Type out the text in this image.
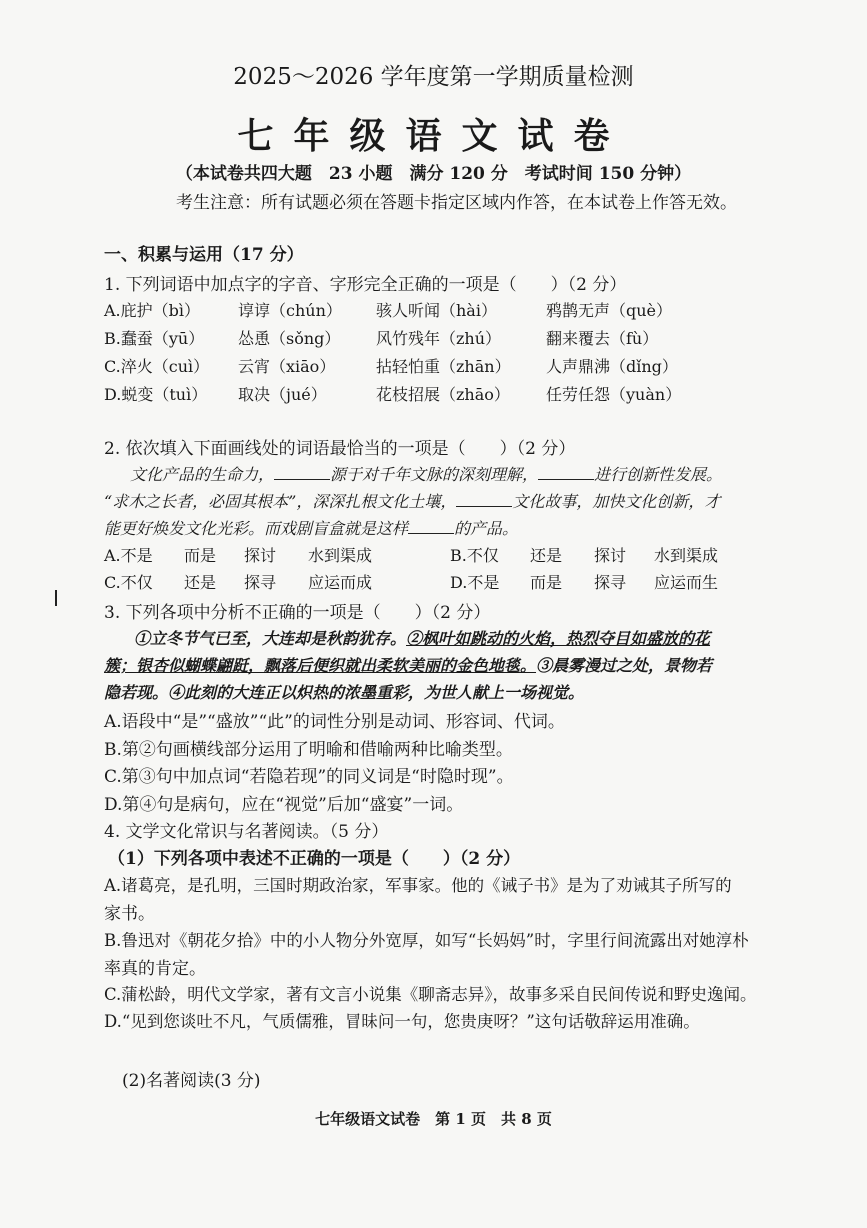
2025～2026 学年度第一学期质量检测
七年级语文试卷
（本试卷共四大题　23 小题　满分 120 分　考试时间 150 分钟）
考生注意：所有试题必须在答题卡指定区域内作答，在本试卷上作答无效。
一、积累与运用（17 分）
1. 下列词语中加点字的字音、字形完全正确的一项是（　　）（2 分）
A.庇护（bì） 谆谆（chún） 骇人听闻（hài）	鸦鹊无声（què）
B.蠢蚕（yū） 怂恿（sǒng） 风竹残年（zhú）	翻来覆去（fù）
C.淬火（cuì） 云宵（xiāo）	拈轻怕重（zhān） 人声鼎沸（dǐng）
D.蜕变（tuì） 取决（jué）	花枝招展（zhāo） 任劳任怨（yuàn）
2. 依次填入下面画线处的词语最恰当的一项是（　　）（2 分）
文化产品的生命力，	源于对千年文脉的深刻理解，	进行创新性发展。
“求木之长者，必固其根本”，深深扎根文化土壤，	文化故事，加快文化创新，才
能更好焕发文化光彩。而戏剧盲盒就是这样	的产品。
A.不是 而是 探讨 水到渠成	B.不仅 还是 探讨 水到渠成
C.不仅 还是 探寻 应运而成	D.不是 而是 探寻 应运而生
3. 下列各项中分析不正确的一项是（　　）（2 分）
①立冬节气已至，大连却是秋韵犹存。②枫叶如跳动的火焰，热烈夺目如盛放的花
簇；银杏似蝴蝶翩跹，飘落后便织就出柔软美丽的金色地毯。③晨雾漫过之处，景物若
隐若现。④此刻的大连正以炽热的浓墨重彩，为世人献上一场视觉。
A.语段中“是”“盛放”“此”的词性分别是动词、形容词、代词。
B.第②句画横线部分运用了明喻和借喻两种比喻类型。
C.第③句中加点词“若隐若现”的同义词是“时隐时现”。
D.第④句是病句，应在“视觉”后加“盛宴”一词。
4. 文学文化常识与名著阅读。（5 分）
（1）下列各项中表述不正确的一项是（　　）（2 分）
A.诸葛亮，是孔明，三国时期政治家，军事家。他的《诫子书》是为了劝诫其子所写的
家书。
B.鲁迅对《朝花夕拾》中的小人物分外宽厚，如写“长妈妈”时，字里行间流露出对她淳朴
率真的肯定。
C.蒲松龄，明代文学家，著有文言小说集《聊斋志异》，故事多采自民间传说和野史逸闻。
D.“见到您谈吐不凡，气质儒雅，冒昧问一句，您贵庚呀？”这句话敬辞运用准确。
(2)名著阅读(3 分)
七年级语文试卷　第 1 页　共 8 页
